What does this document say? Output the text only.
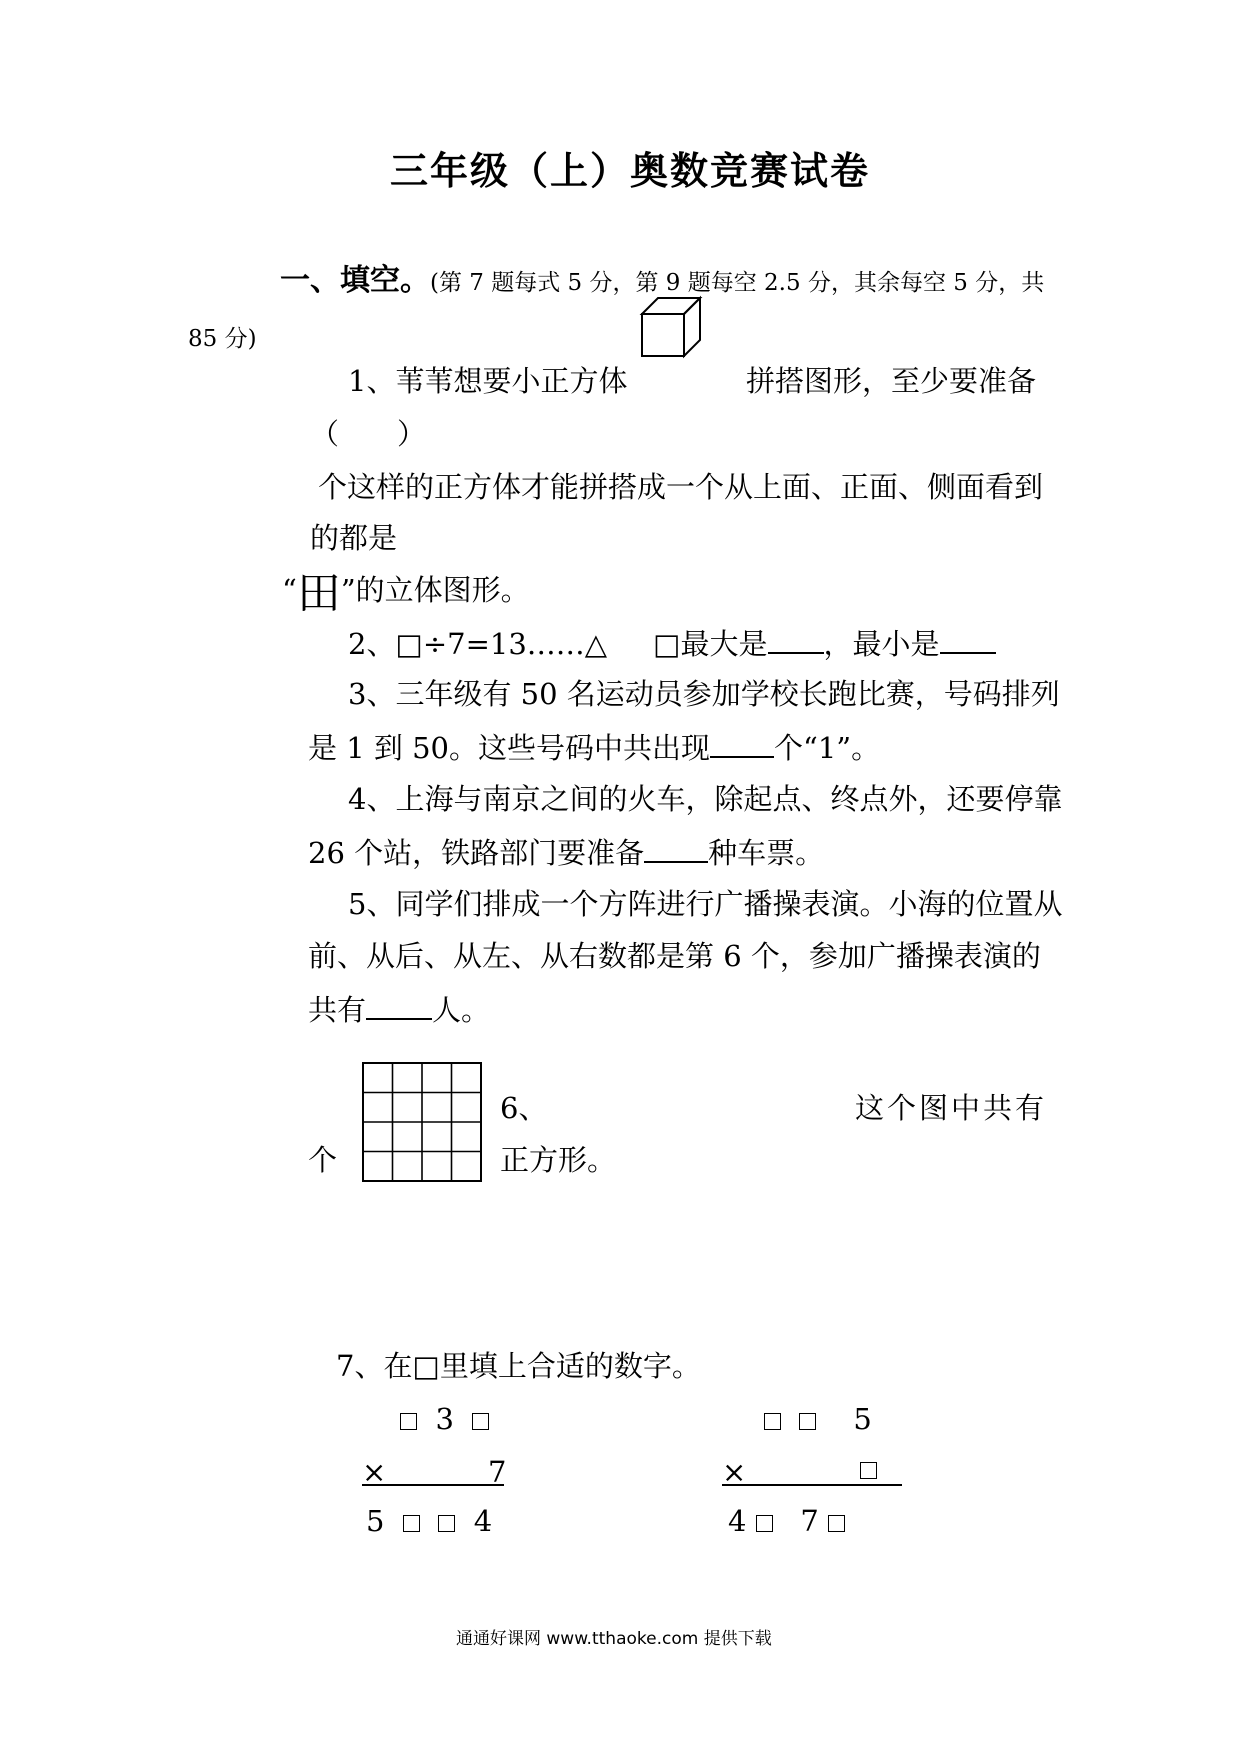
三年级（上）奥数竞赛试卷
一、填空。(第 7 题每式 5 分，第 9 题每空 2.5 分，其余每空 5 分，共
85 分)
1、苇苇想要小正方体	拼搭图形，至少要准备
（　　）
个这样的正方体才能拼搭成一个从上面、正面、侧面看到
的都是
“田”的立体图形。
2、□÷7=13……△ □最大是 ，最小是
3、三年级有 50 名运动员参加学校长跑比赛，号码排列
是 1 到 50。这些号码中共出现 个“1”。
4、上海与南京之间的火车，除起点、终点外，还要停靠
26 个站，铁路部门要准备 种车票。
5、同学们排成一个方阵进行广播操表演。小海的位置从
前、从后、从左、从右数都是第 6 个，参加广播操表演的
共有 人。
6、	这个图中共有
个	正方形。
7、在□里填上合适的数字。
3
×	7
5	4
5
×
4 7
通通好课网 www.tthaoke.com 提供下载
